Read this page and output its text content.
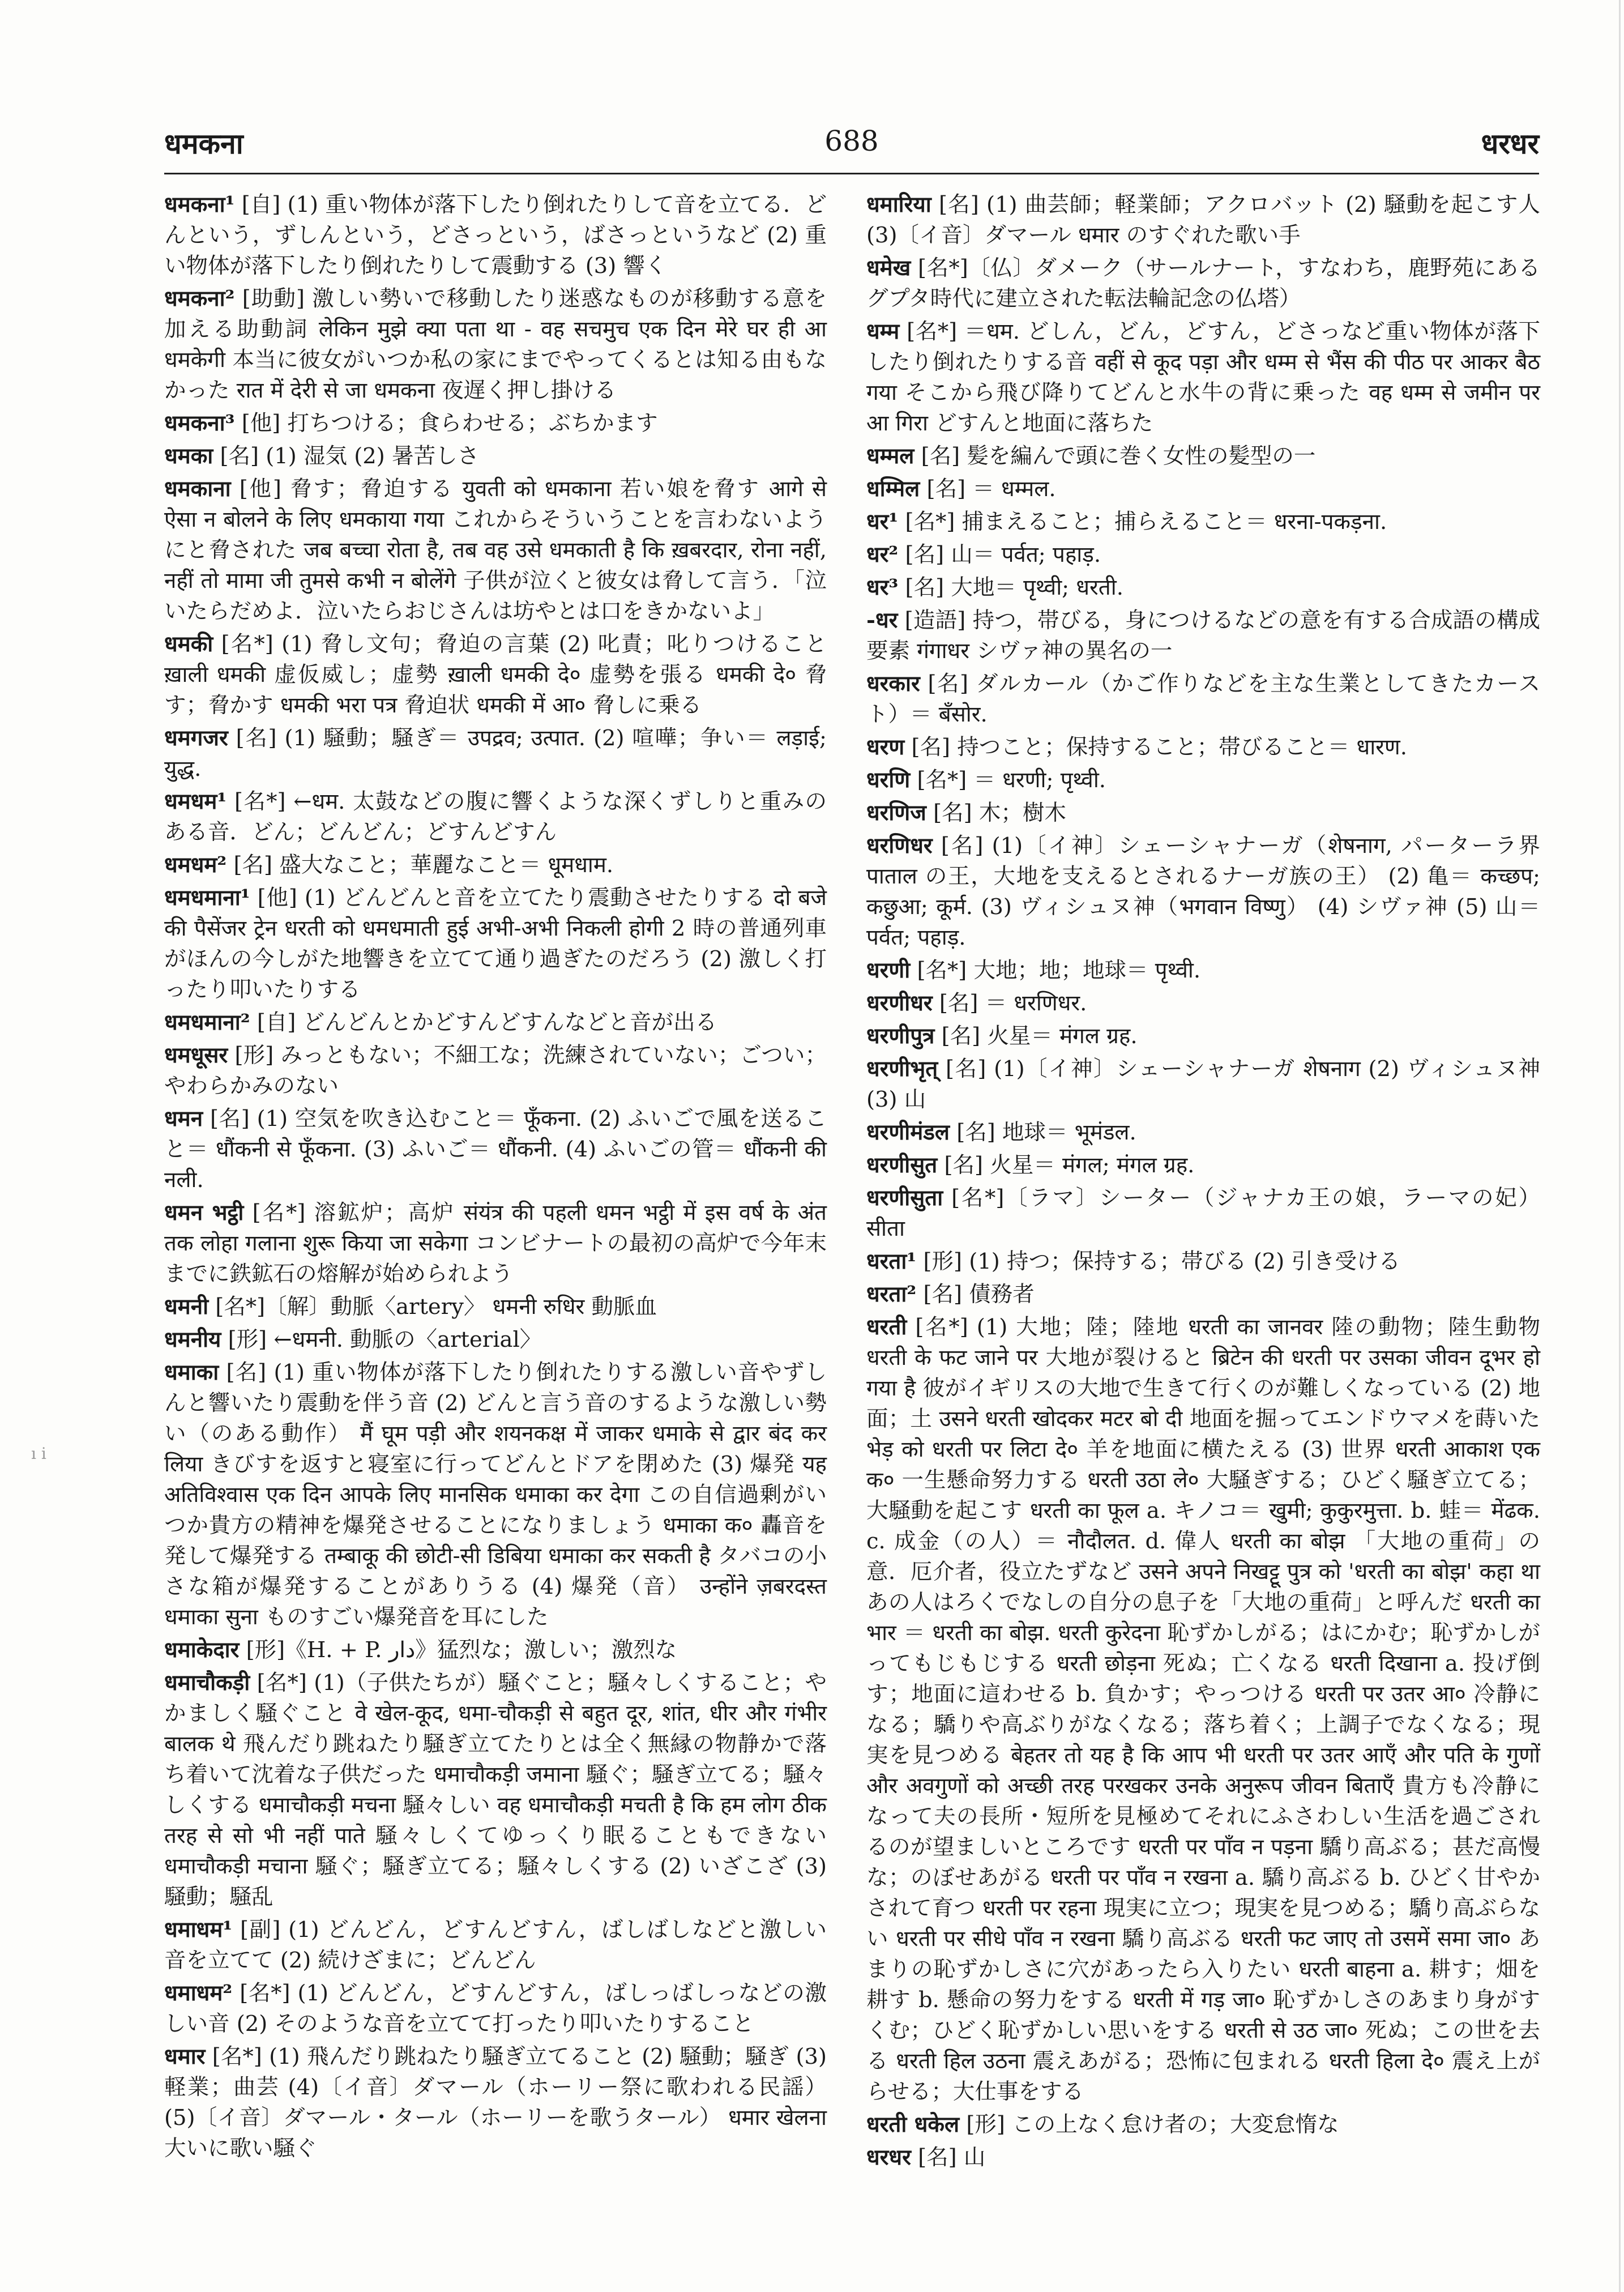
धमकना	688	धरधर
ı i
धमकना¹ [自] (1) 重い物体が落下したり倒れたりして音を立てる．どんという，ずしんという，どさっという，ばさっというなど (2) 重い物体が落下したり倒れたりして震動する (3) 響く
धमकना² [助動] 激しい勢いで移動したり迷惑なものが移動する意を加える助動詞 लेकिन मुझे क्या पता था - वह सचमुच एक दिन मेरे घर ही आ धमकेगी 本当に彼女がいつか私の家にまでやってくるとは知る由もなかった रात में देरी से जा धमकना 夜遅く押し掛ける
धमकना³ [他] 打ちつける；食らわせる；ぶちかます
धमका [名] (1) 湿気 (2) 暑苦しさ
धमकाना [他] 脅す；脅迫する युवती को धमकाना 若い娘を脅す आगे से ऐसा न बोलने के लिए धमकाया गया これからそういうことを言わないようにと脅された जब बच्चा रोता है, तब वह उसे धमकाती है कि ख़बरदार, रोना नहीं, नहीं तो मामा जी तुमसे कभी न बोलेंगे 子供が泣くと彼女は脅して言う．「泣いたらだめよ．泣いたらおじさんは坊やとは口をきかないよ」
धमकी [名*] (1) 脅し文句；脅迫の言葉 (2) 叱責；叱りつけること ख़ाली धमकी 虚仮威し；虚勢 ख़ाली धमकी दे० 虚勢を張る धमकी दे० 脅す；脅かす धमकी भरा पत्र 脅迫状 धमकी में आ० 脅しに乗る
धमगजर [名] (1) 騒動；騒ぎ＝ उपद्रव; उत्पात. (2) 喧嘩；争い＝ लड़ाई; युद्ध.
धमधम¹ [名*] ←धम. 太鼓などの腹に響くような深くずしりと重みのある音．どん；どんどん；どすんどすん
धमधम² [名] 盛大なこと；華麗なこと＝ धूमधाम.
धमधमाना¹ [他] (1) どんどんと音を立てたり震動させたりする दो बजे की पैसेंजर ट्रेन धरती को धमधमाती हुई अभी-अभी निकली होगी 2 時の普通列車がほんの今しがた地響きを立てて通り過ぎたのだろう (2) 激しく打ったり叩いたりする
धमधमाना² [自] どんどんとかどすんどすんなどと音が出る
धमधूसर [形] みっともない；不細工な；洗練されていない；ごつい；やわらかみのない
धमन [名] (1) 空気を吹き込むこと＝ फूँकना. (2) ふいごで風を送ること＝ धौंकनी से फूँकना. (3) ふいご＝ धौंकनी. (4) ふいごの管＝ धौंकनी की नली.
धमन भट्ठी [名*] 溶鉱炉；高炉 संयंत्र की पहली धमन भट्ठी में इस वर्ष के अंत तक लोहा गलाना शुरू किया जा सकेगा コンビナートの最初の高炉で今年末までに鉄鉱石の熔解が始められよう
धमनी [名*]〔解〕動脈〈artery〉 धमनी रुधिर 動脈血
धमनीय [形] ←धमनी. 動脈の〈arterial〉
धमाका [名] (1) 重い物体が落下したり倒れたりする激しい音やずしんと響いたり震動を伴う音 (2) どんと言う音のするような激しい勢い（のある動作） मैं घूम पड़ी और शयनकक्ष में जाकर धमाके से द्वार बंद कर लिया きびすを返すと寝室に行ってどんとドアを閉めた (3) 爆発 यह अतिविश्वास एक दिन आपके लिए मानसिक धमाका कर देगा この自信過剰がいつか貴方の精神を爆発させることになりましょう धमाका क० 轟音を発して爆発する तम्बाकू की छोटी-सी डिबिया धमाका कर सकती है タバコの小さな箱が爆発することがありうる (4) 爆発（音） उन्होंने ज़बरदस्त धमाका सुना ものすごい爆発音を耳にした
धमाकेदार [形]《H. + P. دار》猛烈な；激しい；激烈な
धमाचौकड़ी [名*] (1)（子供たちが）騒ぐこと；騒々しくすること；やかましく騒ぐこと वे खेल-कूद, धमा-चौकड़ी से बहुत दूर, शांत, धीर और गंभीर बालक थे 飛んだり跳ねたり騒ぎ立てたりとは全く無縁の物静かで落ち着いて沈着な子供だった धमाचौकड़ी जमाना 騒ぐ；騒ぎ立てる；騒々しくする धमाचौकड़ी मचना 騒々しい वह धमाचौकड़ी मचती है कि हम लोग ठीक तरह से सो भी नहीं पाते 騒々しくてゆっくり眠ることもできない धमाचौकड़ी मचाना 騒ぐ；騒ぎ立てる；騒々しくする (2) いざこざ (3) 騒動；騒乱
धमाधम¹ [副] (1) どんどん，どすんどすん，ばしばしなどと激しい音を立てて (2) 続けざまに；どんどん
धमाधम² [名*] (1) どんどん，どすんどすん，ばしっばしっなどの激しい音 (2) そのような音を立てて打ったり叩いたりすること
धमार [名*] (1) 飛んだり跳ねたり騒ぎ立てること (2) 騒動；騒ぎ (3) 軽業；曲芸 (4)〔イ音〕ダマール（ホーリー祭に歌われる民謡） (5)〔イ音〕ダマール・タール（ホーリーを歌うタール） धमार खेलना 大いに歌い騒ぐ
धमारिया [名] (1) 曲芸師；軽業師；アクロバット (2) 騒動を起こす人 (3)〔イ音〕ダマール धमार のすぐれた歌い手
धमेख [名*]〔仏〕ダメーク（サールナート，すなわち，鹿野苑にあるグプタ時代に建立された転法輪記念の仏塔）
धम्म [名*] ＝धम. どしん，どん，どすん，どさっなど重い物体が落下したり倒れたりする音 वहीं से कूद पड़ा और धम्म से भैंस की पीठ पर आकर बैठ गया そこから飛び降りてどんと水牛の背に乗った वह धम्म से जमीन पर आ गिरा どすんと地面に落ちた
धम्मल [名] 髪を編んで頭に巻く女性の髪型の一
धम्मिल [名] ＝ धम्मल.
धर¹ [名*] 捕まえること；捕らえること＝ धरना-पकड़ना.
धर² [名] 山＝ पर्वत; पहाड़.
धर³ [名] 大地＝ पृथ्वी; धरती.
-धर [造語] 持つ，帯びる，身につけるなどの意を有する合成語の構成要素 गंगाधर シヴァ神の異名の一
धरकार [名] ダルカール（かご作りなどを主な生業としてきたカースト）＝ बँसोर.
धरण [名] 持つこと；保持すること；帯びること＝ धारण.
धरणि [名*] ＝ धरणी; पृथ्वी.
धरणिज [名] 木；樹木
धरणिधर [名] (1)〔イ神〕シェーシャナーガ（शेषनाग, パーターラ界 पाताल の王，大地を支えるとされるナーガ族の王） (2) 亀＝ कच्छप; कछुआ; कूर्म. (3) ヴィシュヌ神（भगवान विष्णु） (4) シヴァ神 (5) 山＝ पर्वत; पहाड़.
धरणी [名*] 大地；地；地球＝ पृथ्वी.
धरणीधर [名] ＝ धरणिधर.
धरणीपुत्र [名] 火星＝ मंगल ग्रह.
धरणीभृत् [名] (1)〔イ神〕シェーシャナーガ शेषनाग (2) ヴィシュヌ神 (3) 山
धरणीमंडल [名] 地球＝ भूमंडल.
धरणीसुत [名] 火星＝ मंगल; मंगल ग्रह.
धरणीसुता [名*]〔ラマ〕シーター（ジャナカ王の娘，ラーマの妃） सीता
धरता¹ [形] (1) 持つ；保持する；帯びる (2) 引き受ける
धरता² [名] 債務者
धरती [名*] (1) 大地；陸；陸地 धरती का जानवर 陸の動物；陸生動物 धरती के फट जाने पर 大地が裂けると ब्रिटेन की धरती पर उसका जीवन दूभर हो गया है 彼がイギリスの大地で生きて行くのが難しくなっている (2) 地面；土 उसने धरती खोदकर मटर बो दी 地面を掘ってエンドウマメを蒔いた भेड़ को धरती पर लिटा दे० 羊を地面に横たえる (3) 世界 धरती आकाश एक क० 一生懸命努力する धरती उठा ले० 大騒ぎする；ひどく騒ぎ立てる；大騒動を起こす धरती का फूल a. キノコ＝ खुमी; कुकुरमुत्ता. b. 蛙＝ मेंढक. c. 成金（の人）＝ नौदौलत. d. 偉人 धरती का बोझ 「大地の重荷」の意．厄介者，役立たずなど उसने अपने निखट्टू पुत्र को 'धरती का बोझ' कहा था あの人はろくでなしの自分の息子を「大地の重荷」と呼んだ धरती का भार ＝ धरती का बोझ. धरती कुरेदना 恥ずかしがる；はにかむ；恥ずかしがってもじもじする धरती छोड़ना 死ぬ；亡くなる धरती दिखाना a. 投げ倒す；地面に這わせる b. 負かす；やっつける धरती पर उतर आ० 冷静になる；驕りや高ぶりがなくなる；落ち着く；上調子でなくなる；現実を見つめる बेहतर तो यह है कि आप भी धरती पर उतर आएँ और पति के गुणों और अवगुणों को अच्छी तरह परखकर उनके अनुरूप जीवन बिताएँ 貴方も冷静になって夫の長所・短所を見極めてそれにふさわしい生活を過ごされるのが望ましいところです धरती पर पाँव न पड़ना 驕り高ぶる；甚だ高慢な；のぼせあがる धरती पर पाँव न रखना a. 驕り高ぶる b. ひどく甘やかされて育つ धरती पर रहना 現実に立つ；現実を見つめる；驕り高ぶらない धरती पर सीधे पाँव न रखना 驕り高ぶる धरती फट जाए तो उसमें समा जा० あまりの恥ずかしさに穴があったら入りたい धरती बाहना a. 耕す；畑を耕す b. 懸命の努力をする धरती में गड़ जा० 恥ずかしさのあまり身がすくむ；ひどく恥ずかしい思いをする धरती से उठ जा० 死ぬ；この世を去る धरती हिल उठना 震えあがる；恐怖に包まれる धरती हिला दे० 震え上がらせる；大仕事をする
धरती धकेल [形] この上なく怠け者の；大変怠惰な
धरधर [名] 山
